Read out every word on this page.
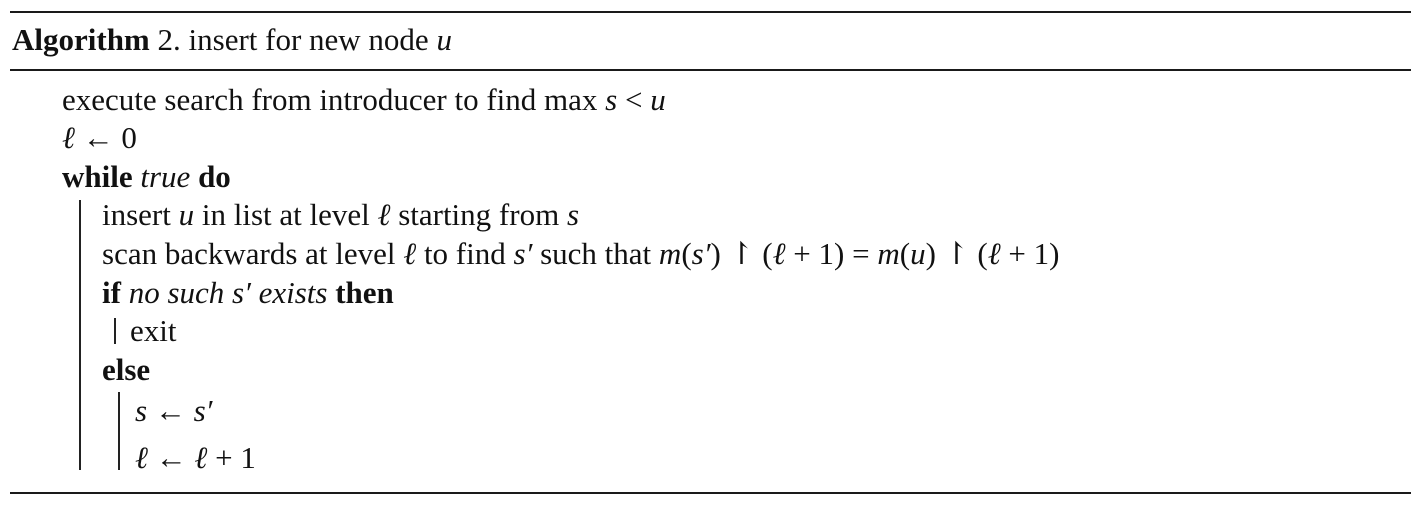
Algorithm 2. insert for new node u
execute search from introducer to find max s < u
ℓ ← 0
while true do
insert u in list at level ℓ starting from s
scan backwards at level ℓ to find s′ such that m(s′) ↾ (ℓ + 1) = m(u) ↾ (ℓ + 1)
if no such s′ exists then
exit
else
s ← s′
ℓ ← ℓ + 1
